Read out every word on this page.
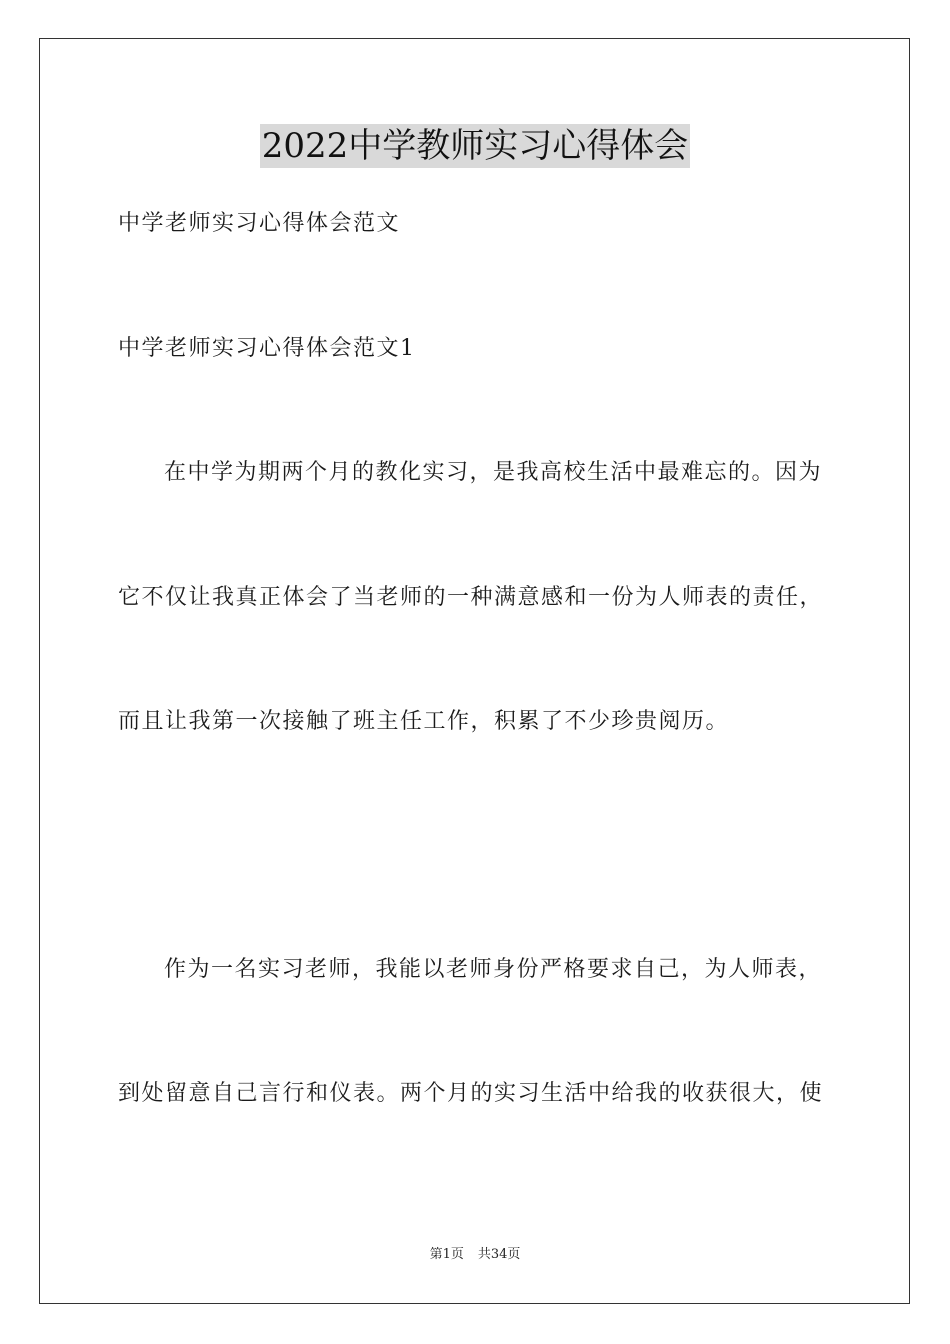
2022中学教师实习心得体会
中学老师实习心得体会范文
中学老师实习心得体会范文1
在中学为期两个月的教化实习，是我高校生活中最难忘的。因为
它不仅让我真正体会了当老师的一种满意感和一份为人师表的责任，
而且让我第一次接触了班主任工作，积累了不少珍贵阅历。
作为一名实习老师，我能以老师身份严格要求自己，为人师表，
到处留意自己言行和仪表。两个月的实习生活中给我的收获很大，使
第1页 共34页
